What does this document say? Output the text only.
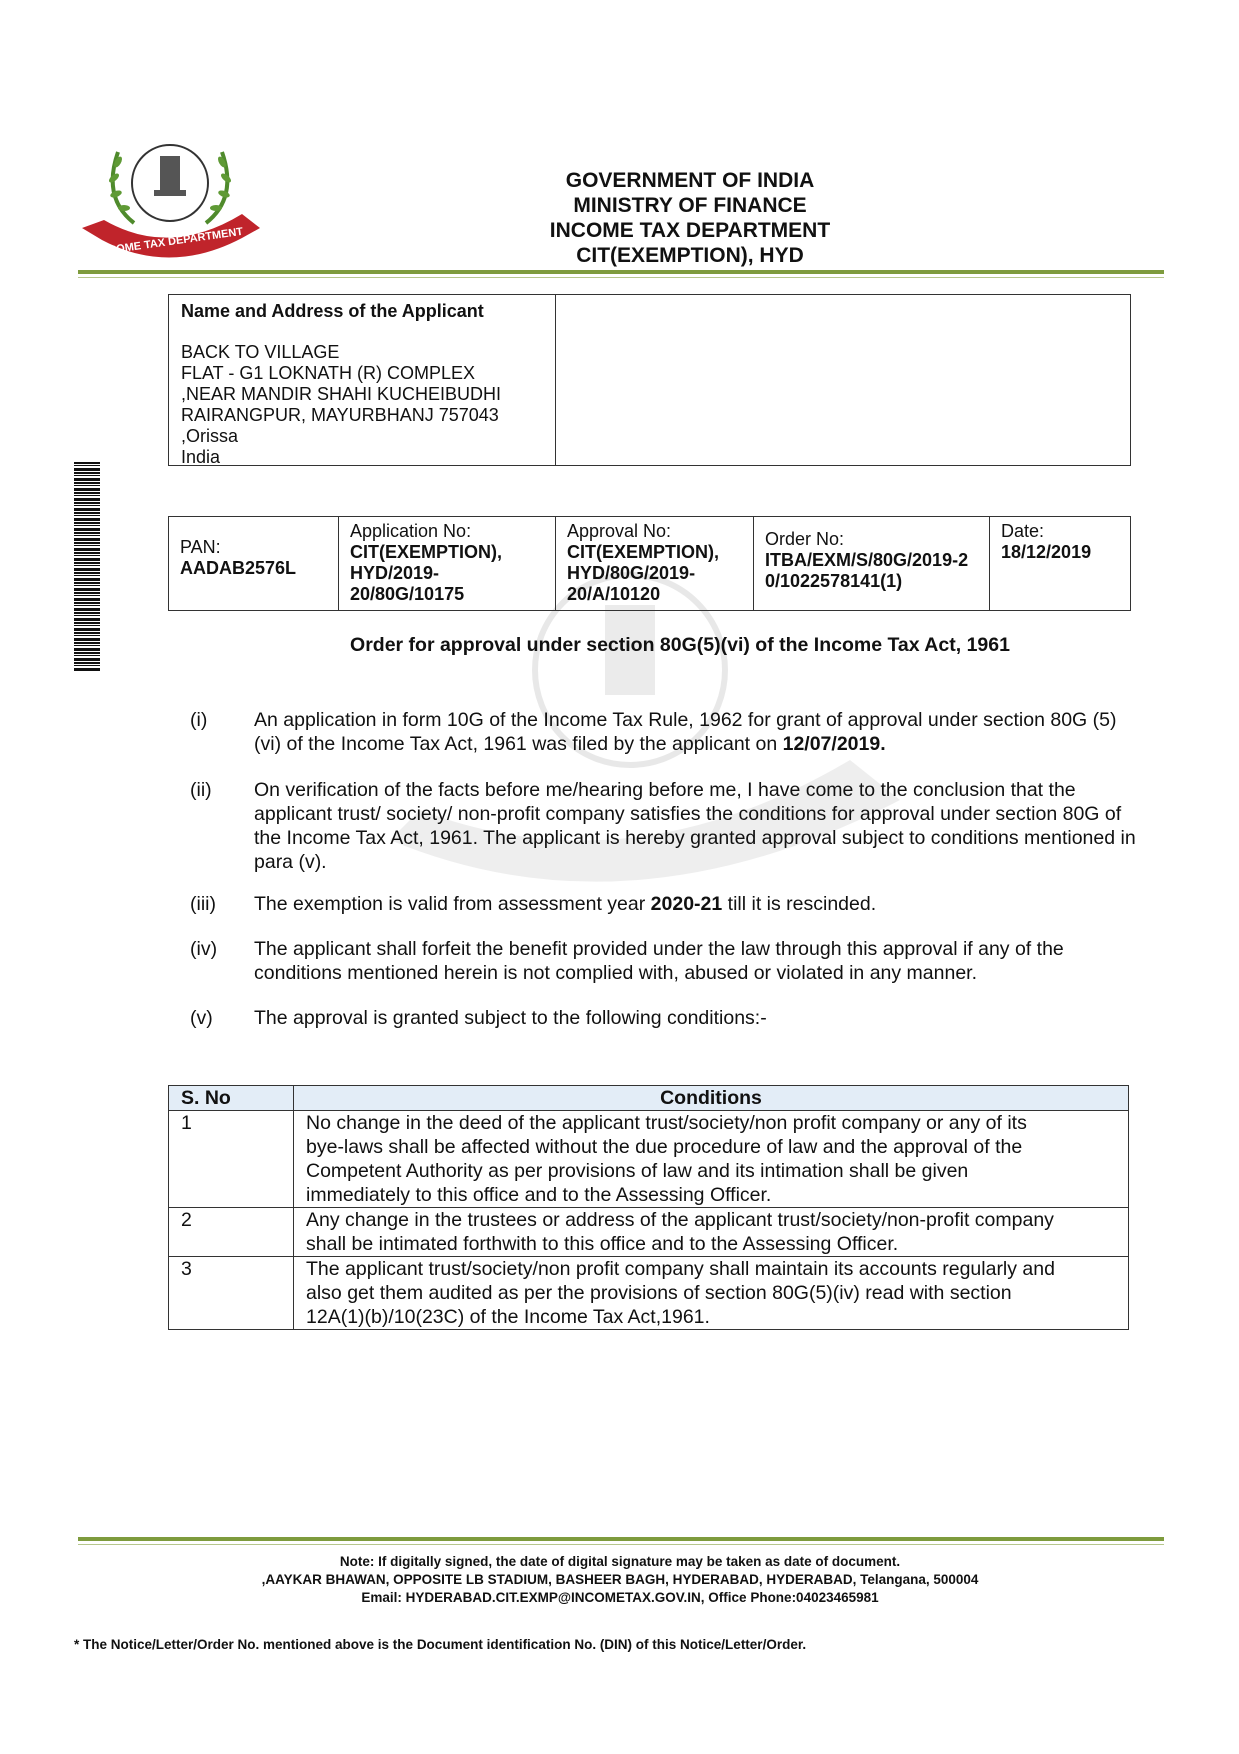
INCOME TAX DEPARTMENT
GOVERNMENT OF INDIA
MINISTRY OF FINANCE
INCOME TAX DEPARTMENT
CIT(EXEMPTION), HYD
Name and Address of the Applicant
BACK TO VILLAGE
FLAT - G1 LOKNATH (R) COMPLEX
,NEAR MANDIR SHAHI KUCHEIBUDHI
RAIRANGPUR, MAYURBHANJ 757043
,Orissa
India
PAN:
AADAB2576L
Application No:
CIT(EXEMPTION), HYD/2019-20/80G/10175
Approval No:
CIT(EXEMPTION), HYD/80G/2019-20/A/10120
Order No:
ITBA/EXM/S/80G/2019-20/1022578141(1)
Date:
18/12/2019
Order for approval under section 80G(5)(vi) of the Income Tax Act, 1961
(i)	An application in form 10G of the Income Tax Rule, 1962 for grant of approval under section 80G (5)(vi) of the Income Tax Act, 1961 was filed by the applicant on 12/07/2019.
(ii)	On verification of the facts before me/hearing before me, I have come to the conclusion that the applicant trust/ society/ non-profit company satisfies the conditions for approval under section 80G of the Income Tax Act, 1961. The applicant is hereby granted approval subject to conditions mentioned in para (v).
(iii)	The exemption is valid from assessment year 2020-21 till it is rescinded.
(iv)	The applicant shall forfeit the benefit provided under the law through this approval if any of the conditions mentioned herein is not complied with, abused or violated in any manner.
(v)	The approval is granted subject to the following conditions:-
S. No	Conditions
1	No change in the deed of the applicant trust/society/non profit company or any of its bye-laws shall be affected without the due procedure of law and the approval of the Competent Authority as per provisions of law and its intimation shall be given immediately to this office and to the Assessing Officer.
2	Any change in the trustees or address of the applicant trust/society/non-profit company shall be intimated forthwith to this office and to the Assessing Officer.
3	The applicant trust/society/non profit company shall maintain its accounts regularly and also get them audited as per the provisions of section 80G(5)(iv) read with section 12A(1)(b)/10(23C) of the Income Tax Act,1961.
Note: If digitally signed, the date of digital signature may be taken as date of document.
,AAYKAR BHAWAN, OPPOSITE LB STADIUM, BASHEER BAGH, HYDERABAD, HYDERABAD, Telangana, 500004
Email: HYDERABAD.CIT.EXMP@INCOMETAX.GOV.IN, Office Phone:04023465981
* The Notice/Letter/Order No. mentioned above is the Document identification No. (DIN) of this Notice/Letter/Order.
